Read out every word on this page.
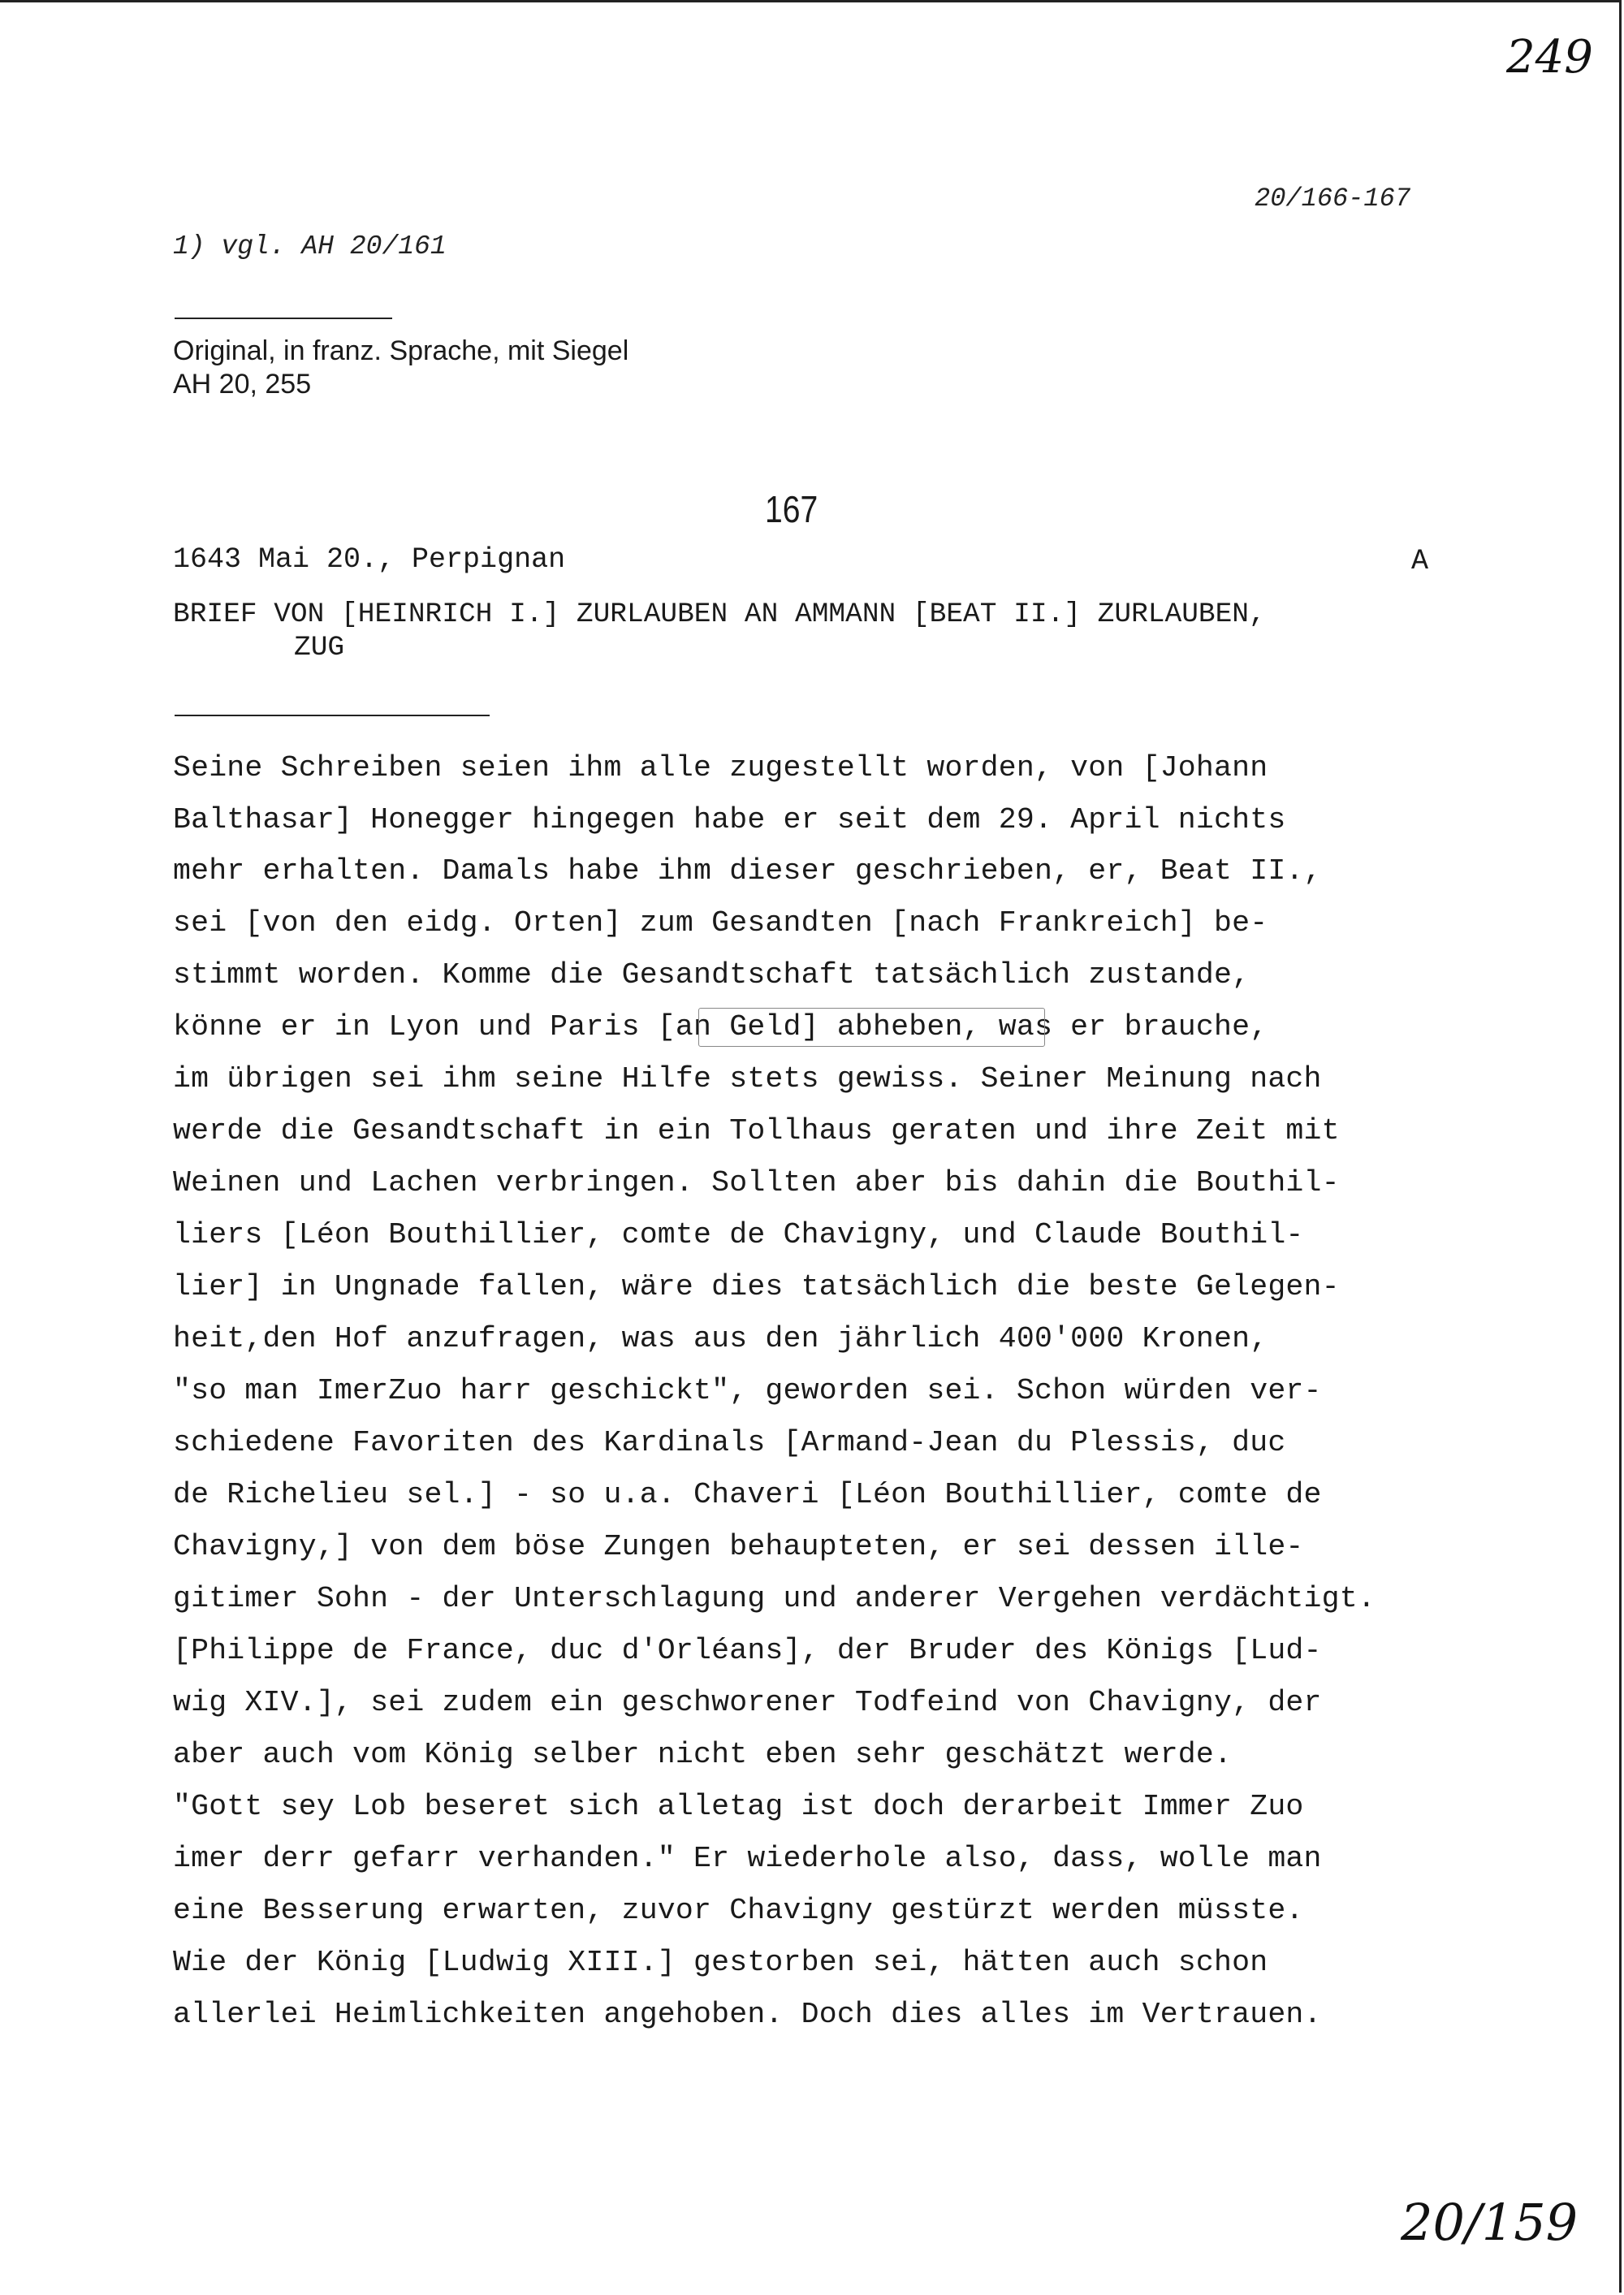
249
20/166-167
1) vgl. AH 20/161
Original, in franz. Sprache, mit Siegel
AH 20, 255
167
1643 Mai 20., Perpignan	A
BRIEF VON [HEINRICH I.] ZURLAUBEN AN AMMANN [BEAT II.] ZURLAUBEN,
ZUG
Seine Schreiben seien ihm alle zugestellt worden, von [Johann
Balthasar] Honegger hingegen habe er seit dem 29. April nichts
mehr erhalten. Damals habe ihm dieser geschrieben, er, Beat II.,
sei [von den eidg. Orten] zum Gesandten [nach Frankreich] be-
stimmt worden. Komme die Gesandtschaft tatsächlich zustande,
könne er in Lyon und Paris [an Geld] abheben, was er brauche,
im übrigen sei ihm seine Hilfe stets gewiss. Seiner Meinung nach
werde die Gesandtschaft in ein Tollhaus geraten und ihre Zeit mit
Weinen und Lachen verbringen. Sollten aber bis dahin die Bouthil-
liers [Léon Bouthillier, comte de Chavigny, und Claude Bouthil-
lier] in Ungnade fallen, wäre dies tatsächlich die beste Gelegen-
heit,den Hof anzufragen, was aus den jährlich 400'000 Kronen,
"so man ImerZuo harr geschickt", geworden sei. Schon würden ver-
schiedene Favoriten des Kardinals [Armand-Jean du Plessis, duc
de Richelieu sel.] - so u.a. Chaveri [Léon Bouthillier, comte de
Chavigny,] von dem böse Zungen behaupteten, er sei dessen ille-
gitimer Sohn - der Unterschlagung und anderer Vergehen verdächtigt.
[Philippe de France, duc d'Orléans], der Bruder des Königs [Lud-
wig XIV.], sei zudem ein geschworener Todfeind von Chavigny, der
aber auch vom König selber nicht eben sehr geschätzt werde.
"Gott sey Lob beseret sich alletag ist doch derarbeit Immer Zuo
imer derr gefarr verhanden." Er wiederhole also, dass, wolle man
eine Besserung erwarten, zuvor Chavigny gestürzt werden müsste.
Wie der König [Ludwig XIII.] gestorben sei, hätten auch schon
allerlei Heimlichkeiten angehoben. Doch dies alles im Vertrauen.
20/159
